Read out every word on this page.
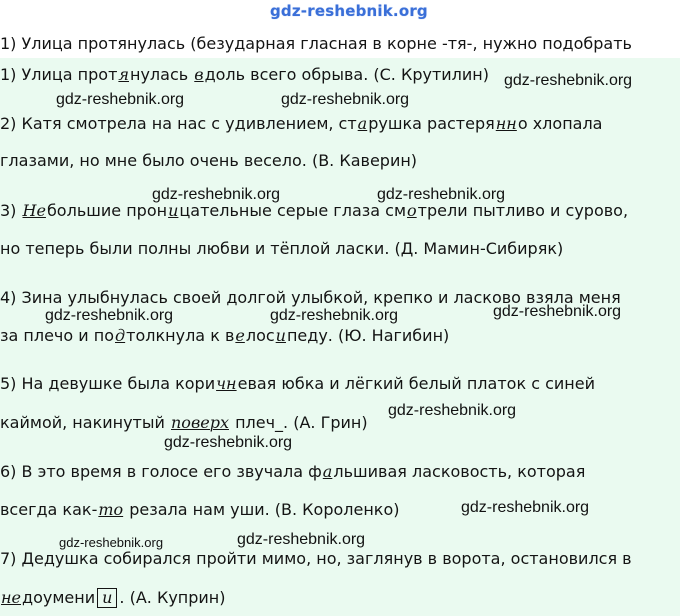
gdz-reshebnik.org
1) Улица протянулась (безударная гласная в корне -тя-, нужно подобрать
1) Улица протянулась вдоль всего обрыва. (С. Крутилин)
2) Катя смотрела на нас с удивлением, старушка растерянно хлопала
глазами, но мне было очень весело. (В. Каверин)
3) Небольшие проницательные серые глаза смотрели пытливо и сурово,
но теперь были полны любви и тёплой ласки. (Д. Мамин-Сибиряк)
4) Зина улыбнулась своей долгой улыбкой, крепко и ласково взяла меня
за плечо и подтолкнула к велосипеду. (Ю. Нагибин)
5) На девушке была коричневая юбка и лёгкий белый платок с синей
каймой, накинутый поверх плеч_. (А. Грин)
6) В это время в голосе его звучала фальшивая ласковость, которая
всегда как-то резала нам уши. (В. Короленко)
7) Дедушка собирался пройти мимо, но, заглянув в ворота, остановился в
недоумени и . (А. Куприн)
gdz-reshebnik.org
gdz-reshebnik.org	gdz-reshebnik.org
gdz-reshebnik.org	gdz-reshebnik.org
gdz-reshebnik.org	gdz-reshebnik.org	gdz-reshebnik.org
gdz-reshebnik.org
gdz-reshebnik.org
gdz-reshebnik.org
gdz-reshebnik.org	gdz-reshebnik.org
